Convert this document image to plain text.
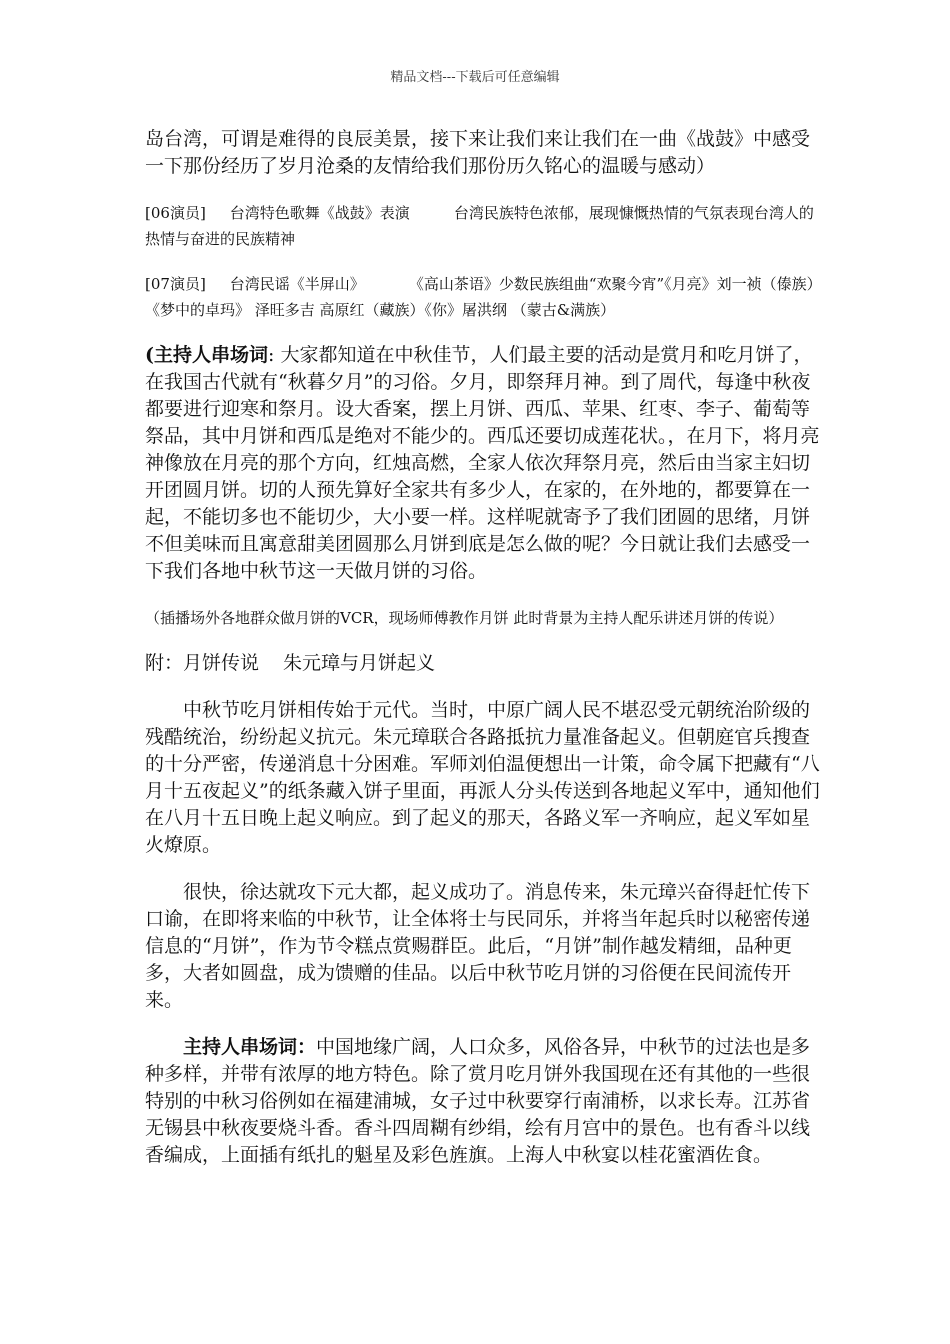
精品文档---下载后可任意编辑

岛台湾，可谓是难得的良辰美景，接下来让我们来让我们在一曲《战鼓》中感受一下那份经历了岁月沧桑的友情给我们那份历久铭心的温暖与感动）

[06演员] 台湾特色歌舞《战鼓》表演	台湾民族特色浓郁，展现慷慨热情的气氛表现台湾人的热情与奋进的民族精神

[07演员] 台湾民谣《半屏山》	《高山茶语》少数民族组曲“欢聚今宵”《月亮》刘一祯（傣族）《梦中的卓玛》 泽旺多吉 高原红（藏族）《你》屠洪纲 （蒙古&满族）

(主持人串场词: 大家都知道在中秋佳节，人们最主要的活动是赏月和吃月饼了，在我国古代就有“秋暮夕月”的习俗。夕月，即祭拜月神。到了周代，每逢中秋夜都要进行迎寒和祭月。设大香案，摆上月饼、西瓜、苹果、红枣、李子、葡萄等祭品，其中月饼和西瓜是绝对不能少的。西瓜还要切成莲花状。，在月下，将月亮神像放在月亮的那个方向，红烛高燃，全家人依次拜祭月亮，然后由当家主妇切开团圆月饼。切的人预先算好全家共有多少人，在家的，在外地的，都要算在一起，不能切多也不能切少，大小要一样。这样呢就寄予了我们团圆的思绪，月饼不但美味而且寓意甜美团圆那么月饼到底是怎么做的呢？今日就让我们去感受一下我们各地中秋节这一天做月饼的习俗。

（插播场外各地群众做月饼的VCR，现场师傅教作月饼 此时背景为主持人配乐讲述月饼的传说）

附：月饼传说 朱元璋与月饼起义

中秋节吃月饼相传始于元代。当时，中原广阔人民不堪忍受元朝统治阶级的残酷统治，纷纷起义抗元。朱元璋联合各路抵抗力量准备起义。但朝庭官兵搜查的十分严密，传递消息十分困难。军师刘伯温便想出一计策，命令属下把藏有“八月十五夜起义”的纸条藏入饼子里面，再派人分头传送到各地起义军中，通知他们在八月十五日晚上起义响应。到了起义的那天，各路义军一齐响应，起义军如星火燎原。

很快，徐达就攻下元大都，起义成功了。消息传来，朱元璋兴奋得赶忙传下口谕，在即将来临的中秋节，让全体将士与民同乐，并将当年起兵时以秘密传递信息的“月饼”，作为节令糕点赏赐群臣。此后，“月饼”制作越发精细，品种更多，大者如圆盘，成为馈赠的佳品。以后中秋节吃月饼的习俗便在民间流传开来。

主持人串场词：中国地缘广阔，人口众多，风俗各异，中秋节的过法也是多种多样，并带有浓厚的地方特色。除了赏月吃月饼外我国现在还有其他的一些很特别的中秋习俗例如在福建浦城，女子过中秋要穿行南浦桥，以求长寿。江苏省无锡县中秋夜要烧斗香。香斗四周糊有纱绢，绘有月宫中的景色。也有香斗以线香编成，上面插有纸扎的魁星及彩色旌旗。上海人中秋宴以桂花蜜酒佐食。
